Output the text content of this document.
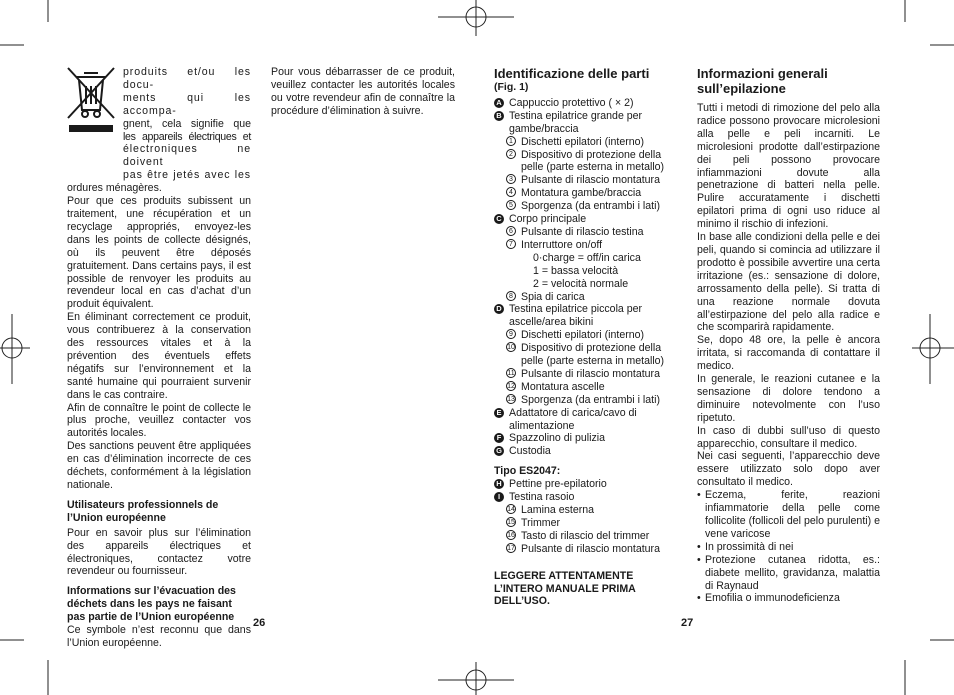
produits et/ou les docu-
ments qui les accompa-
gnent, cela signifie que
les appareils électriques et
électroniques ne doivent
pas être jetés avec les

ordures ménagères.

Pour que ces produits subissent un traitement, une récupération et un recyclage appropriés, envoyez-les dans les points de collecte désignés, où ils peuvent être déposés gratuitement. Dans certains pays, il est possible de renvoyer les produits au revendeur local en cas d’achat d’un produit équivalent.

En éliminant correctement ce produit, vous contribuerez à la conservation des ressources vitales et à la prévention des éventuels effets négatifs sur l’environnement et la santé humaine qui pourraient survenir dans le cas contraire.

Afin de connaître le point de collecte le plus proche, veuillez contacter vos autorités locales.

Des sanctions peuvent être appliquées en cas d’élimination incorrecte de ces déchets, conformément à la législation nationale.

Utilisateurs professionnels de l’Union européenne

Pour en savoir plus sur l’élimination des appareils électriques et électroniques, contactez votre revendeur ou fournisseur.

Informations sur l’évacuation des déchets dans les pays ne faisant pas partie de l’Union européenne

Ce symbole n’est reconnu que dans l’Union européenne.

Pour vous débarrasser de ce produit, veuillez contacter les autorités locales ou votre revendeur afin de connaître la procédure d’élimination à suivre.

26
Identificazione delle parti
(Fig. 1)
A Cappuccio protettivo ( × 2)
B Testina epilatrice grande per gambe/braccia
1 Dischetti epilatori (interno)
2 Dispositivo di protezione della pelle (parte esterna in metallo)
3 Pulsante di rilascio montatura
4 Montatura gambe/braccia
5 Sporgenza (da entrambi i lati)
C Corpo principale
6 Pulsante di rilascio testina
7 Interruttore on/off
0·charge = off/in carica
1 = bassa velocità
2 = velocità normale
8 Spia di carica
D Testina epilatrice piccola per ascelle/area bikini
9 Dischetti epilatori (interno)
10 Dispositivo di protezione della pelle (parte esterna in metallo)
11 Pulsante di rilascio montatura
12 Montatura ascelle
13 Sporgenza (da entrambi i lati)
E Adattatore di carica/cavo di alimentazione
F Spazzolino di pulizia
G Custodia
Tipo ES2047:
H Pettine pre-epilatorio
I Testina rasoio
14 Lamina esterna
15 Trimmer
16 Tasto di rilascio del trimmer
17 Pulsante di rilascio montatura
LEGGERE ATTENTAMENTE L’INTERO MANUALE PRIMA DELL’USO.
Informazioni generali sull’epilazione

Tutti i metodi di rimozione del pelo alla radice possono provocare microlesioni alla pelle e peli incarniti. Le microlesioni prodotte dall’estirpazione dei peli possono provocare infiammazioni dovute alla penetrazione di batteri nella pelle. Pulire accuratamente i dischetti epilatori prima di ogni uso riduce al minimo il rischio di infezioni.

In base alle condizioni della pelle e dei peli, quando si comincia ad utilizzare il prodotto è possibile avvertire una certa irritazione (es.: sensazione di dolore, arrossamento della pelle). Si tratta di una reazione normale dovuta all’estirpazione del pelo alla radice e che scomparirà rapidamente.

Se, dopo 48 ore, la pelle è ancora irritata, si raccomanda di contattare il medico.

In generale, le reazioni cutanee e la sensazione di dolore tendono a diminuire notevolmente con l’uso ripetuto.

In caso di dubbi sull’uso di questo apparecchio, consultare il medico.

Nei casi seguenti, l’apparecchio deve essere utilizzato solo dopo aver consultato il medico.

• Eczema, ferite, reazioni infiammatorie della pelle come follicolite (follicoli del pelo purulenti) e vene varicose
• In prossimità di nei
• Protezione cutanea ridotta, es.: diabete mellito, gravidanza, malattia di Raynaud
• Emofilia o immunodeficienza
27
